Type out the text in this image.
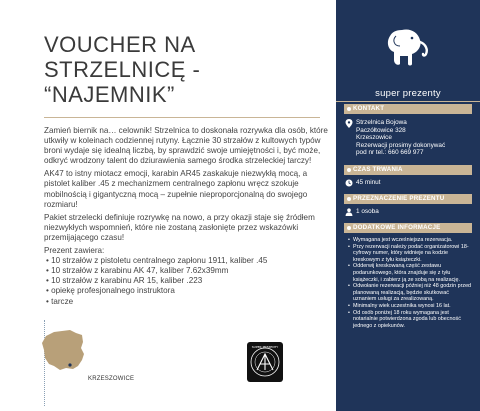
VOUCHER NA
STRZELNICĘ -
“NAJEMNIK”

Zamień biernik na… celownik! Strzelnica to doskonała rozrywka dla osób, które utkwiły w koleinach codziennej rutyny. Łącznie 30 strzałów z kultowych typów broni wydaje się idealną liczbą, by sprawdzić swoje umiejętności i, być może, odkryć wrodzony talent do dziurawienia samego środka strzeleckiej tarczy!

AK47 to istny miotacz emocji, karabin AR45 zaskakuje niezwykłą mocą, a pistolet kaliber .45 z mechanizmem centralnego zapłonu wręcz szokuje mobilnością i gigantyczną mocą – zupełnie nieproporcjonalną do swojego rozmiaru!

Pakiet strzelecki definiuje rozrywkę na nowo, a przy okazji staje się źródłem niezwykłych wspomnień, które nie zostaną zasłonięte przez wskazówki przemijającego czasu!

Prezent zawiera:
• 10 strzałów z pistoletu centralnego zapłonu 1911, kaliber .45
• 10 strzałów z karabinu AK 47, kaliber 7.62x39mm
• 10 strzałów z karabinu AR 15, kaliber .223
• opiekę profesjonalnego instruktora
• tarcze
KRZESZOWICE
SUPER PREZENTY
super prezenty
KONTAKT
Strzelnica Bojowa
Paczółtowice 328
Krzeszowice
Rezerwacji prosimy dokonywać
pod nr tel.: 660 669 977
CZAS TRWANIA
45 minut
PRZEZNACZENIE PREZENTU
1 osoba
DODATKOWE INFORMACJE
• Wymagana jest wcześniejsza rezerwacja.
• Przy rezerwacji należy podać organizatorowi 18-cyfrowy numer, który widnieje na kodzie kreskowym z tyłu książeczki.
• Odderwij kreskowaną część zestawu podarunkowego, która znajduje się z tyłu książeczki, i zabierz ją ze sobą na realizację.
• Odwołanie rezerwacji później niż 48 godzin przed planowaną realizacją, będzie skutkować uznaniem usługi za zrealizowaną.
• Minimalny wiek uczestnika wynosi 16 lat.
• Od osób poniżej 18 roku wymagana jest notarialnie potwierdzona zgoda lub obecność jednego z opiekunów.
